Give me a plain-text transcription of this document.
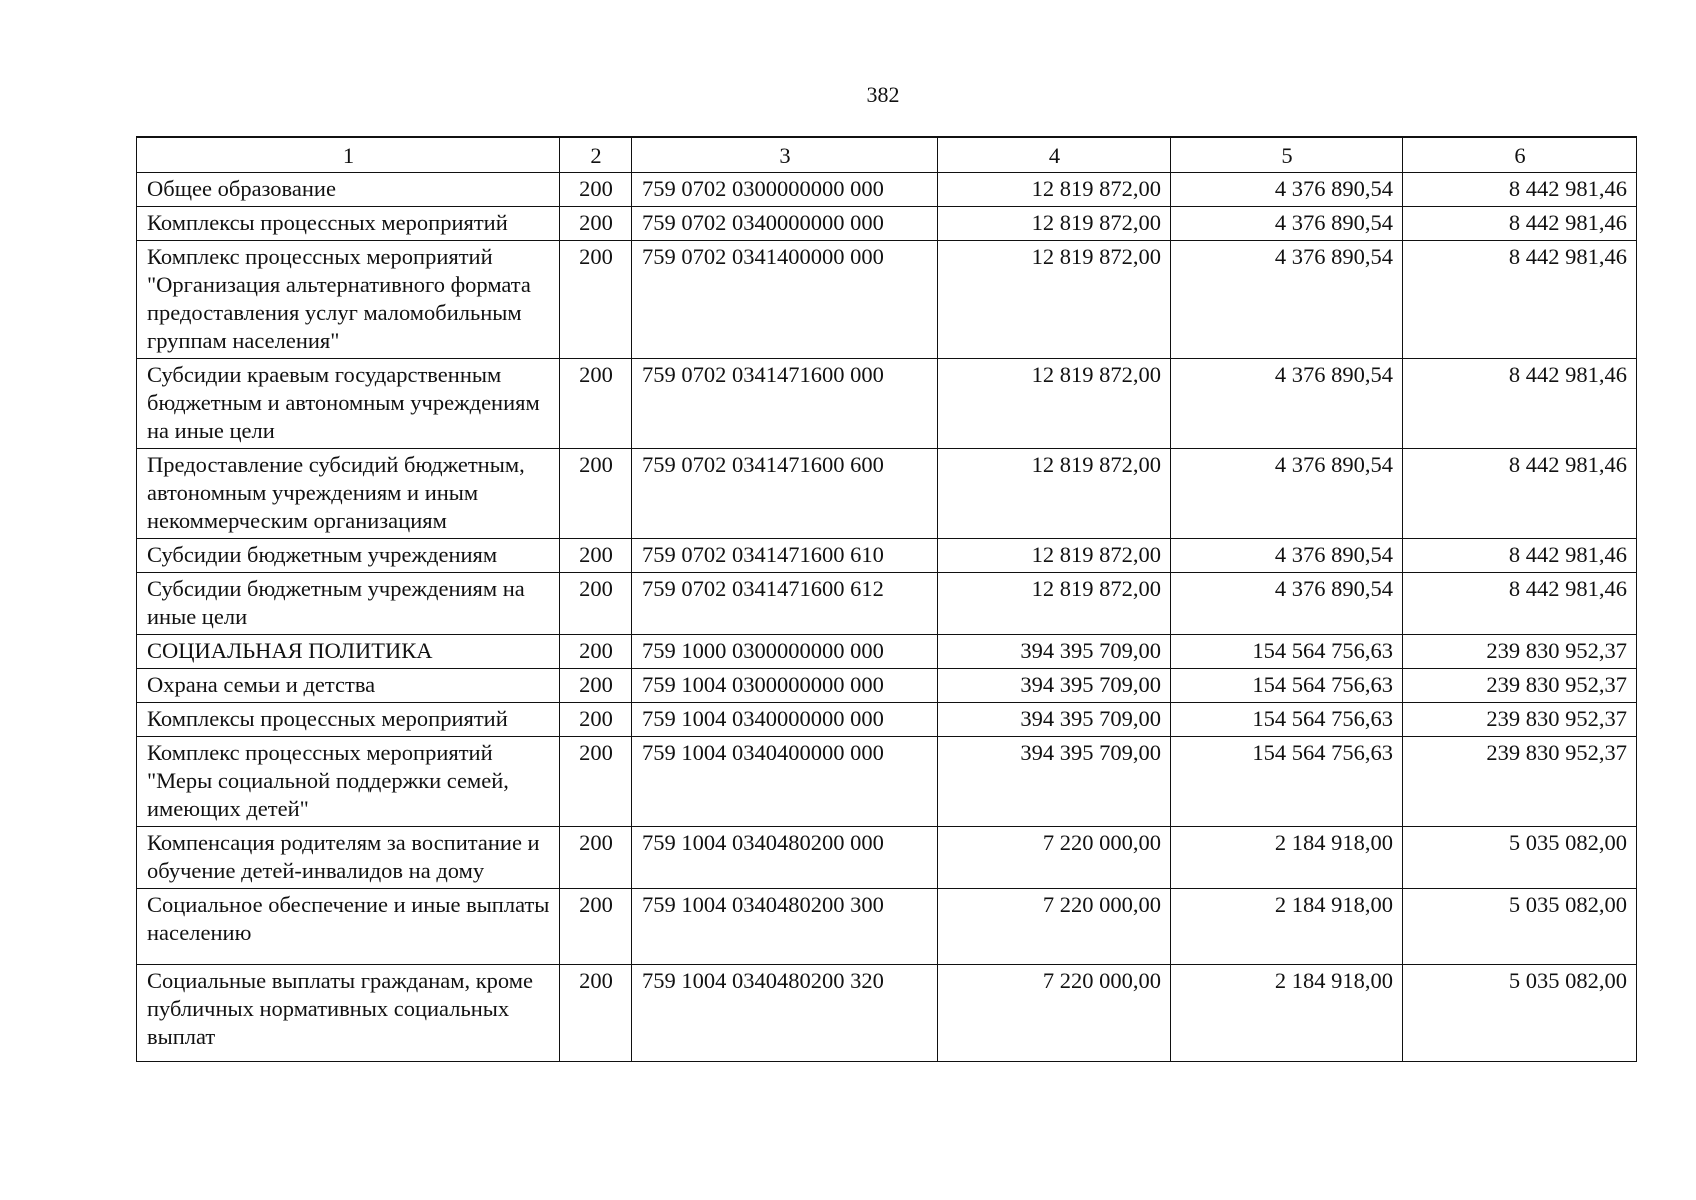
382
1	2	3	4	5	6
Общее образование	200	759 0702 0300000000 000	12 819 872,00	4 376 890,54	8 442 981,46
Комплексы процессных мероприятий	200	759 0702 0340000000 000	12 819 872,00	4 376 890,54	8 442 981,46
Комплекс процессных мероприятий "Организация альтернативного формата предоставления услуг маломобильным группам населения"	200	759 0702 0341400000 000	12 819 872,00	4 376 890,54	8 442 981,46
Субсидии краевым государственным бюджетным и автономным учреждениям на иные цели	200	759 0702 0341471600 000	12 819 872,00	4 376 890,54	8 442 981,46
Предоставление субсидий бюджетным, автономным учреждениям и иным некоммерческим организациям	200	759 0702 0341471600 600	12 819 872,00	4 376 890,54	8 442 981,46
Субсидии бюджетным учреждениям	200	759 0702 0341471600 610	12 819 872,00	4 376 890,54	8 442 981,46
Субсидии бюджетным учреждениям на иные цели	200	759 0702 0341471600 612	12 819 872,00	4 376 890,54	8 442 981,46
СОЦИАЛЬНАЯ ПОЛИТИКА	200	759 1000 0300000000 000	394 395 709,00	154 564 756,63	239 830 952,37
Охрана семьи и детства	200	759 1004 0300000000 000	394 395 709,00	154 564 756,63	239 830 952,37
Комплексы процессных мероприятий	200	759 1004 0340000000 000	394 395 709,00	154 564 756,63	239 830 952,37
Комплекс процессных мероприятий "Меры социальной поддержки семей, имеющих детей"	200	759 1004 0340400000 000	394 395 709,00	154 564 756,63	239 830 952,37
Компенсация родителям за воспитание и обучение детей-инвалидов на дому	200	759 1004 0340480200 000	7 220 000,00	2 184 918,00	5 035 082,00
Социальное обеспечение и иные выплаты населению	200	759 1004 0340480200 300	7 220 000,00	2 184 918,00	5 035 082,00
Социальные выплаты гражданам, кроме публичных нормативных социальных выплат	200	759 1004 0340480200 320	7 220 000,00	2 184 918,00	5 035 082,00
